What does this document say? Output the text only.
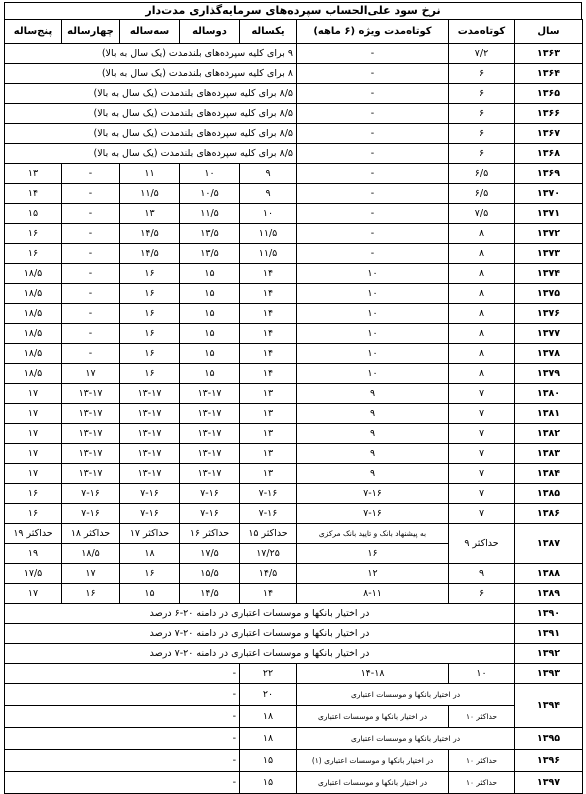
نرخ سود علی‌الحساب سپرده‌های سرمایه‌گذاری مدت‌دار
سال	کوتاه‌مدت	کوتاه‌مدت ویژه (۶ ماهه)	یکساله	دوساله	سه‌ساله	چهارساله	پنج‌ساله
۱۳۶۳	۷/۲	-	۹ برای کلیه سپرده‌های بلندمدت (یک سال به بالا)				
۱۳۶۴	۶	-	۸ برای کلیه سپرده‌های بلندمدت (یک سال به بالا)				
۱۳۶۵	۶	-	۸/۵ برای کلیه سپرده‌های بلندمدت (یک سال به بالا)				
۱۳۶۶	۶	-	۸/۵ برای کلیه سپرده‌های بلندمدت (یک سال به بالا)				
۱۳۶۷	۶	-	۸/۵ برای کلیه سپرده‌های بلندمدت (یک سال به بالا)				
۱۳۶۸	۶	-	۸/۵ برای کلیه سپرده‌های بلندمدت (یک سال به بالا)				
۱۳۶۹	۶/۵	-	۹	۱۰	۱۱	-	۱۳
۱۳۷۰	۶/۵	-	۹	۱۰/۵	۱۱/۵	-	۱۴
۱۳۷۱	۷/۵	-	۱۰	۱۱/۵	۱۳	-	۱۵
۱۳۷۲	۸	-	۱۱/۵	۱۳/۵	۱۴/۵	-	۱۶
۱۳۷۳	۸	-	۱۱/۵	۱۳/۵	۱۴/۵	-	۱۶
۱۳۷۴	۸	۱۰	۱۴	۱۵	۱۶	-	۱۸/۵
۱۳۷۵	۸	۱۰	۱۴	۱۵	۱۶	-	۱۸/۵
۱۳۷۶	۸	۱۰	۱۴	۱۵	۱۶	-	۱۸/۵
۱۳۷۷	۸	۱۰	۱۴	۱۵	۱۶	-	۱۸/۵
۱۳۷۸	۸	۱۰	۱۴	۱۵	۱۶	-	۱۸/۵
۱۳۷۹	۸	۱۰	۱۴	۱۵	۱۶	۱۷	۱۸/۵
۱۳۸۰	۷	۹	۱۳	۱۳-۱۷	۱۳-۱۷	۱۳-۱۷	۱۷
۱۳۸۱	۷	۹	۱۳	۱۳-۱۷	۱۳-۱۷	۱۳-۱۷	۱۷
۱۳۸۲	۷	۹	۱۳	۱۳-۱۷	۱۳-۱۷	۱۳-۱۷	۱۷
۱۳۸۳	۷	۹	۱۳	۱۳-۱۷	۱۳-۱۷	۱۳-۱۷	۱۷
۱۳۸۴	۷	۹	۱۳	۱۳-۱۷	۱۳-۱۷	۱۳-۱۷	۱۷
۱۳۸۵	۷	۷-۱۶	۷-۱۶	۷-۱۶	۷-۱۶	۷-۱۶	۱۶
۱۳۸۶	۷	۷-۱۶	۷-۱۶	۷-۱۶	۷-۱۶	۷-۱۶	۱۶
۱۳۸۷	حداکثر ۹	به پیشنهاد بانک و تایید بانک مرکزی	حداکثر ۱۵	حداکثر ۱۶	حداکثر ۱۷	حداکثر ۱۸	حداکثر ۱۹
		۱۶	۱۷/۲۵	۱۷/۵	۱۸	۱۸/۵	۱۹
۱۳۸۸	۹	۱۲	۱۴/۵	۱۵/۵	۱۶	۱۷	۱۷/۵
۱۳۸۹	۶	۸-۱۱	۱۴	۱۴/۵	۱۵	۱۶	۱۷
۱۳۹۰	در اختیار بانکها و موسسات اعتباری در دامنه ۲۰-۶ درصد						
۱۳۹۱	در اختیار بانکها و موسسات اعتباری در دامنه ۲۰-۷ درصد						
۱۳۹۲	در اختیار بانکها و موسسات اعتباری در دامنه ۲۰-۷ درصد						
۱۳۹۳	۱۰	۱۴-۱۸	۲۲	-			
۱۳۹۴	در اختیار بانکها و موسسات اعتباری		۲۰	-			
	حداکثر ۱۰	در اختیار بانکها و موسسات اعتباری	۱۸	-			
۱۳۹۵	در اختیار بانکها و موسسات اعتباری		۱۸	-			
۱۳۹۶	حداکثر ۱۰	در اختیار بانکها و موسسات اعتباری (۱)	۱۵	-			
۱۳۹۷	حداکثر ۱۰	در اختیار بانکها و موسسات اعتباری	۱۵	-			
